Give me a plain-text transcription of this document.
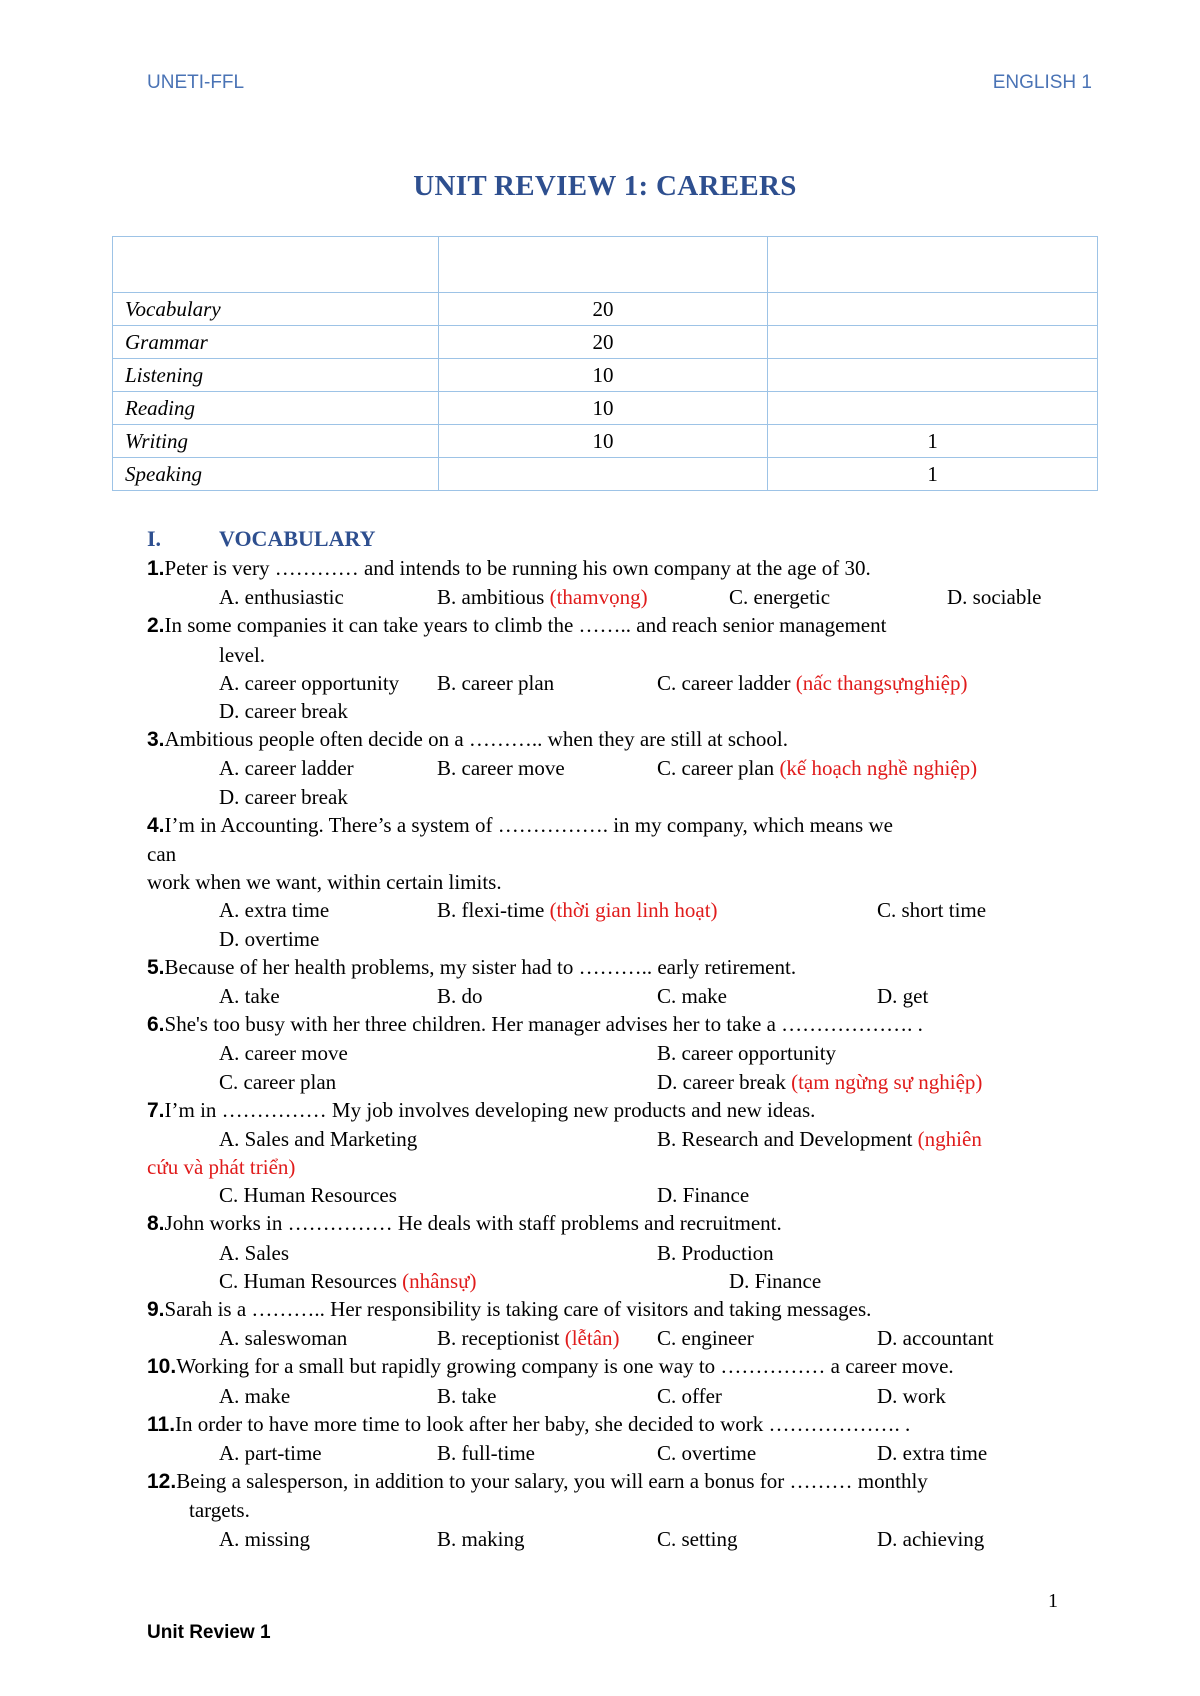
UNETI-FFL	ENGLISH 1
UNIT REVIEW 1: CAREERS

Vocabulary	20	
Grammar	20	
Listening	10	
Reading	10	
Writing	10	1
Speaking		1
I.	VOCABULARY
1.Peter is very ………… and intends to be running his own company at the age of 30.
A. enthusiastic	B. ambitious (thamvọng)	C. energetic	D. sociable
2.In some companies it can take years to climb the …….. and reach senior management
level.
A. career opportunity B. career plan	C. career ladder (nấc thangsựnghiệp)
D. career break
3.Ambitious people often decide on a ……….. when they are still at school.
A. career ladder	B. career move	C. career plan (kế hoạch nghề nghiệp)
D. career break
4.I’m in Accounting. There’s a system of ……………. in my company, which means we
can
work when we want, within certain limits.
A. extra time	B. flexi-time (thời gian linh hoạt)	C. short time
D. overtime
5.Because of her health problems, my sister had to ……….. early retirement.
A. take	B. do	C. make	D. get
6.She's too busy with her three children. Her manager advises her to take a ………………. .
A. career move	B. career opportunity
C. career plan	D. career break (tạm ngừng sự nghiệp)
7.I’m in …………… My job involves developing new products and new ideas.
A. Sales and Marketing	B. Research and Development (nghiên
cứu và phát triển)
C. Human Resources	D. Finance
8.John works in …………… He deals with staff problems and recruitment.
A. Sales	B. Production
C. Human Resources (nhânsự)	D. Finance
9.Sarah is a ……….. Her responsibility is taking care of visitors and taking messages.
A. saleswoman	B. receptionist (lễtân) C. engineer	D. accountant
10.Working for a small but rapidly growing company is one way to …………… a career move.
A. make	B. take	C. offer	D. work
11.In order to have more time to look after her baby, she decided to work ………………. .
A. part-time	B. full-time	C. overtime	D. extra time
12.Being a salesperson, in addition to your salary, you will earn a bonus for ……… monthly
targets.
A. missing	B. making	C. setting	D. achieving
1
Unit Review 1
